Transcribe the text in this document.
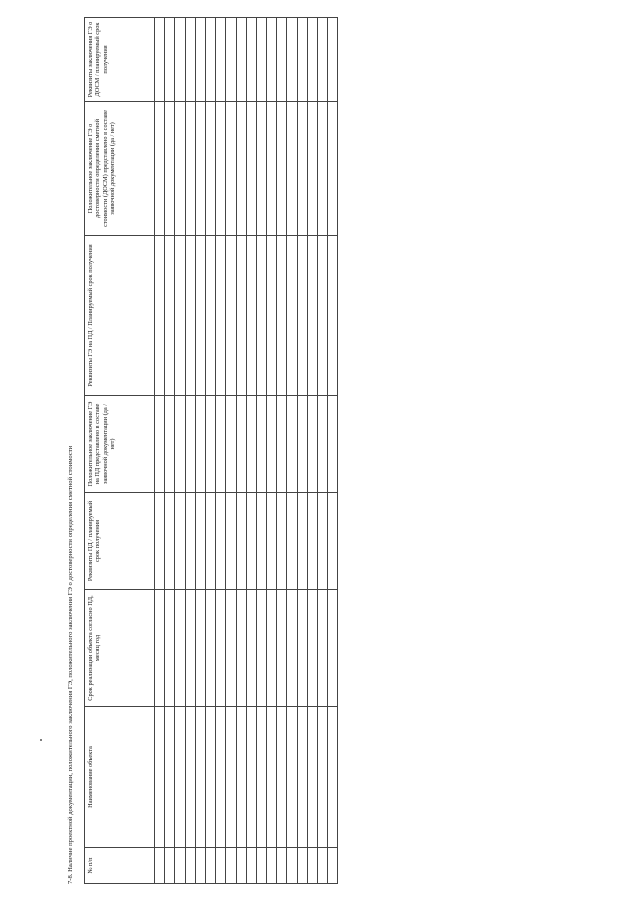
7-8. Наличие проектной документации, положительного заключения ГЭ, положительного заключения ГЭ о достоверности определения сметной стоимости № п/п	Наименование объекта	Срок реализации объекта согласно ПД, месяц год	Реквизиты ПД / планируемый срок получения	Положительное заключение ГЭ на ПД представлено в составе заявочной документации (да / нет)	Реквизиты ГЭ на ПД / Планируемый срок получения	Положительное заключение ГЭ о достоверности определения сметной стоимости (ДОСМ) представлено в составе заявочной документации (да / нет)	Реквизиты заключения ГЭ о ДОСМ / планируемый срок получения
